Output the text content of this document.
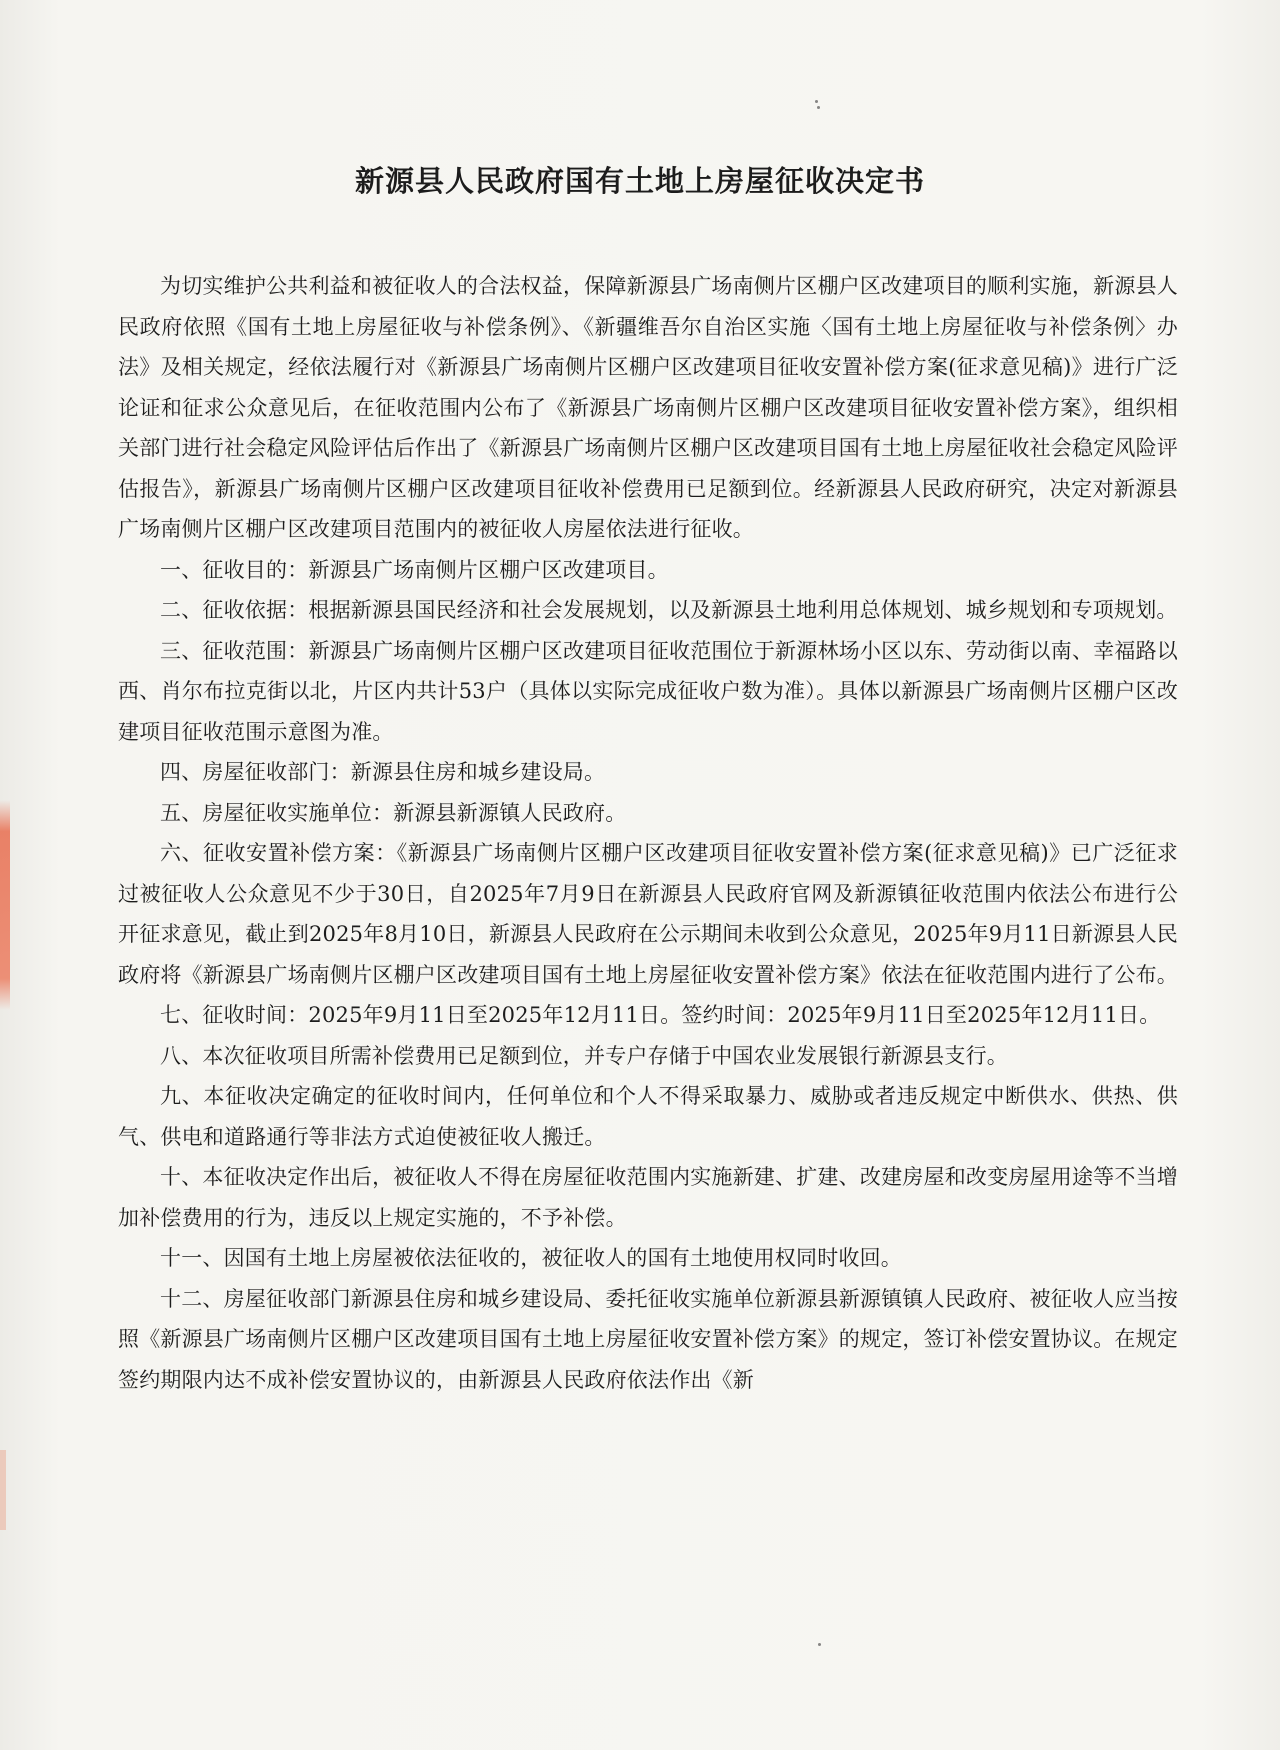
新源县人民政府国有土地上房屋征收决定书

为切实维护公共利益和被征收人的合法权益，保障新源县广场南侧片区棚户区改建项目的顺利实施，新源县人民政府依照《国有土地上房屋征收与补偿条例》、《新疆维吾尔自治区实施〈国有土地上房屋征收与补偿条例〉办法》及相关规定，经依法履行对《新源县广场南侧片区棚户区改建项目征收安置补偿方案(征求意见稿)》进行广泛论证和征求公众意见后，在征收范围内公布了《新源县广场南侧片区棚户区改建项目征收安置补偿方案》，组织相关部门进行社会稳定风险评估后作出了《新源县广场南侧片区棚户区改建项目国有土地上房屋征收社会稳定风险评估报告》，新源县广场南侧片区棚户区改建项目征收补偿费用已足额到位。经新源县人民政府研究，决定对新源县广场南侧片区棚户区改建项目范围内的被征收人房屋依法进行征收。

一、征收目的：新源县广场南侧片区棚户区改建项目。

二、征收依据：根据新源县国民经济和社会发展规划，以及新源县土地利用总体规划、城乡规划和专项规划。

三、征收范围：新源县广场南侧片区棚户区改建项目征收范围位于新源林场小区以东、劳动街以南、幸福路以西、肖尔布拉克街以北，片区内共计53户（具体以实际完成征收户数为准）。具体以新源县广场南侧片区棚户区改建项目征收范围示意图为准。

四、房屋征收部门：新源县住房和城乡建设局。

五、房屋征收实施单位：新源县新源镇人民政府。

六、征收安置补偿方案：《新源县广场南侧片区棚户区改建项目征收安置补偿方案(征求意见稿)》已广泛征求过被征收人公众意见不少于30日，自2025年7月9日在新源县人民政府官网及新源镇征收范围内依法公布进行公开征求意见，截止到2025年8月10日，新源县人民政府在公示期间未收到公众意见，2025年9月11日新源县人民政府将《新源县广场南侧片区棚户区改建项目国有土地上房屋征收安置补偿方案》依法在征收范围内进行了公布。

七、征收时间：2025年9月11日至2025年12月11日。签约时间：2025年9月11日至2025年12月11日。

八、本次征收项目所需补偿费用已足额到位，并专户存储于中国农业发展银行新源县支行。

九、本征收决定确定的征收时间内，任何单位和个人不得采取暴力、威胁或者违反规定中断供水、供热、供气、供电和道路通行等非法方式迫使被征收人搬迁。

十、本征收决定作出后，被征收人不得在房屋征收范围内实施新建、扩建、改建房屋和改变房屋用途等不当增加补偿费用的行为，违反以上规定实施的，不予补偿。

十一、因国有土地上房屋被依法征收的，被征收人的国有土地使用权同时收回。

十二、房屋征收部门新源县住房和城乡建设局、委托征收实施单位新源县新源镇镇人民政府、被征收人应当按照《新源县广场南侧片区棚户区改建项目国有土地上房屋征收安置补偿方案》的规定，签订补偿安置协议。在规定签约期限内达不成补偿安置协议的，由新源县人民政府依法作出《新
